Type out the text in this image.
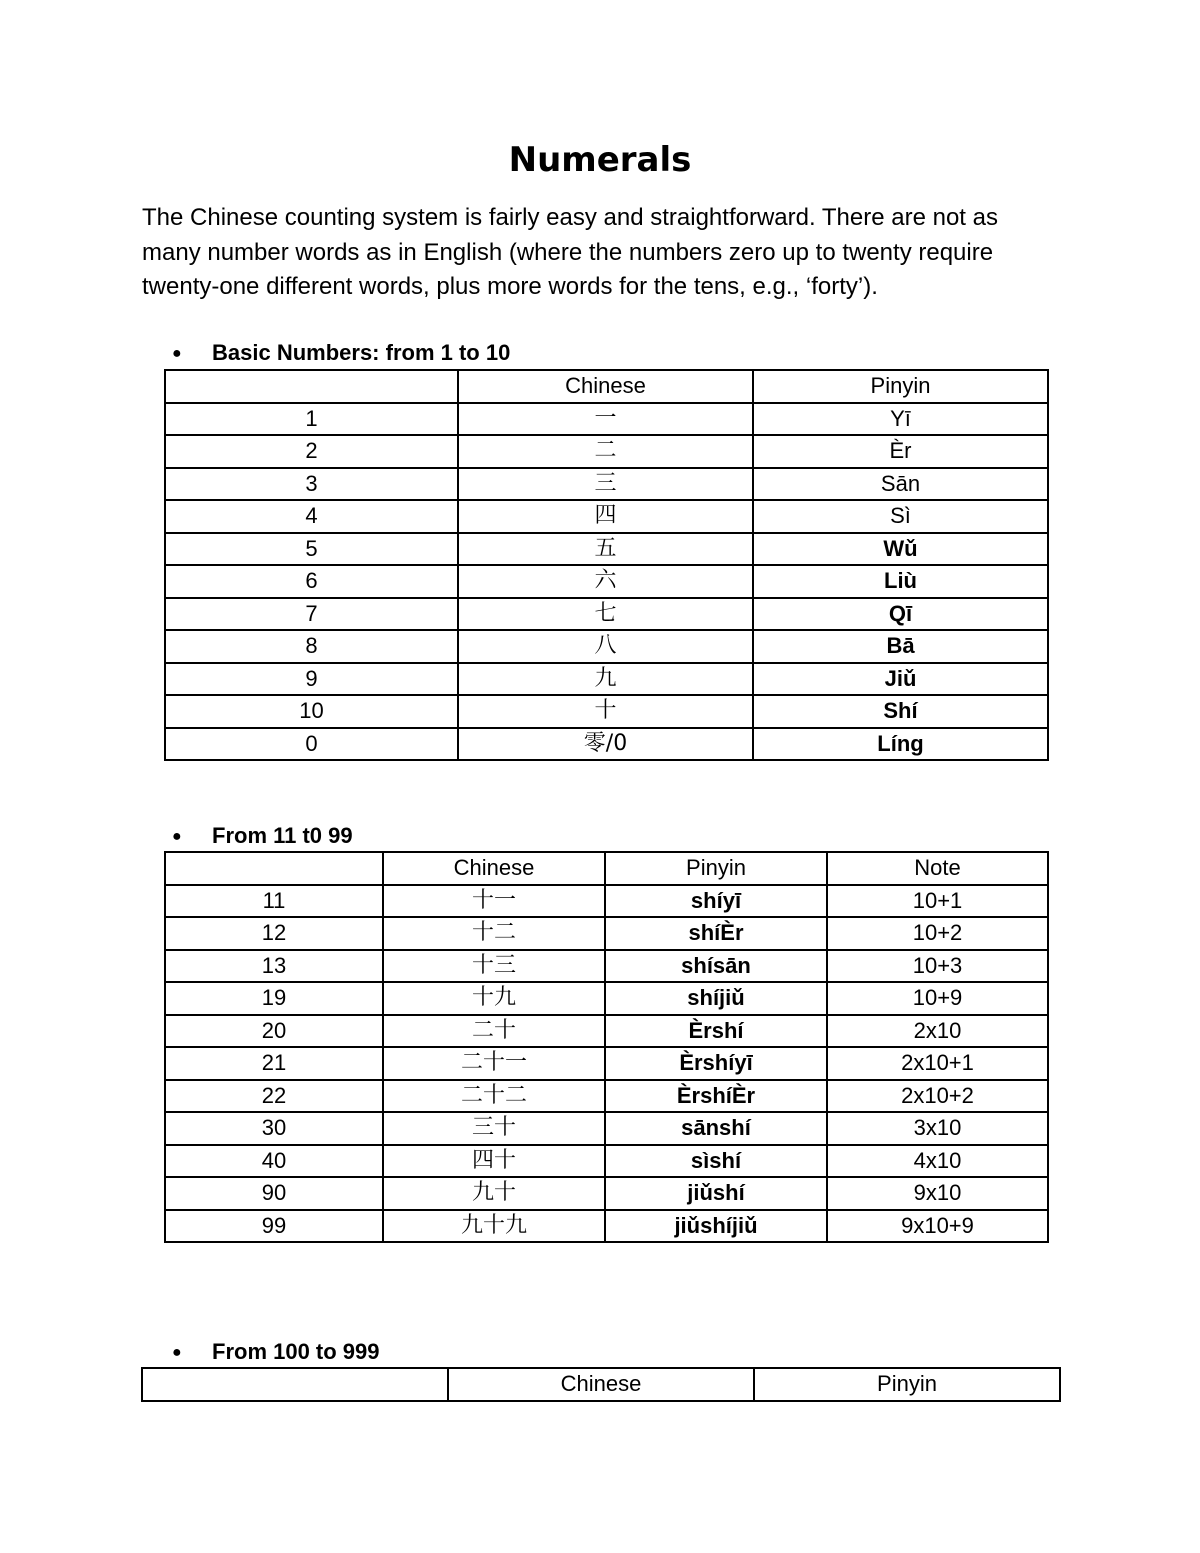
Numerals

The Chinese counting system is fairly easy and straightforward. There are not as many number words as in English (where the numbers zero up to twenty require twenty-one different words, plus more words for the tens, e.g., ‘forty’).

● Basic Numbers: from 1 to 10
	Chinese	Pinyin
1	一	Yī
2	二	Èr
3	三	Sān
4	四	Sì
5	五	Wǔ
6	六	Liù
7	七	Qī
8	八	Bā
9	九	Jiǔ
10	十	Shí
0	零/0	Líng
● From 11 t0 99
	Chinese	Pinyin	Note
11	十一	shíyī	10+1
12	十二	shíÈr	10+2
13	十三	shísān	10+3
19	十九	shíjiǔ	10+9
20	二十	Èrshí	2x10
21	二十一	Èrshíyī	2x10+1
22	二十二	ÈrshíÈr	2x10+2
30	三十	sānshí	3x10
40	四十	sìshí	4x10
90	九十	jiǔshí	9x10
99	九十九	jiǔshíjiǔ	9x10+9
● From 100 to 999
	Chinese	Pinyin
